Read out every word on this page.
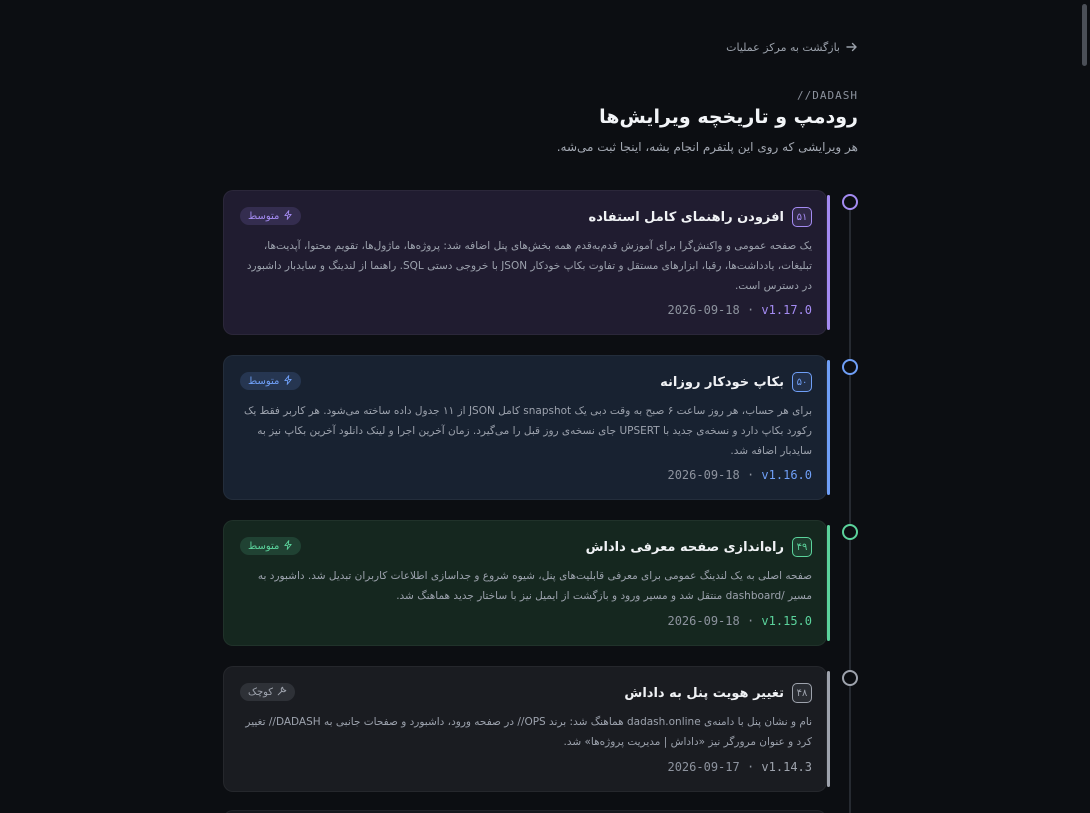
بازگشت به مرکز عملیات
//DADASH
رودمپ و تاریخچه ویرایش‌ها
هر ویرایشی که روی این پلتفرم انجام بشه، اینجا ثبت می‌شه.
۵۱
افزودن راهنمای کامل استفاده
متوسط

یک صفحه عمومی و واکنش‌گرا برای آموزش قدم‌به‌قدم همه بخش‌های پنل اضافه شد: پروژه‌ها، ماژول‌ها، تقویم محتوا، آپدیت‌ها، تبلیغات، یادداشت‌ها، رقبا، ابزارهای مستقل و تفاوت بکاپ خودکار JSON با خروجی دستی SQL. راهنما از لندینگ و سایدبار داشبورد در دسترس است.

2026-09-18 · v1.17.0
۵۰
بکاپ خودکار روزانه
متوسط

برای هر حساب، هر روز ساعت ۶ صبح به وقت دبی یک snapshot کامل JSON از ۱۱ جدول داده ساخته می‌شود. هر کاربر فقط یک رکورد بکاپ دارد و نسخه‌ی جدید با UPSERT جای نسخه‌ی روز قبل را می‌گیرد. زمان آخرین اجرا و لینک دانلود آخرین بکاپ نیز به سایدبار اضافه شد.

2026-09-18 · v1.16.0
۴۹
راه‌اندازی صفحه معرفی داداش
متوسط

صفحه اصلی به یک لندینگ عمومی برای معرفی قابلیت‌های پنل، شیوه شروع و جداسازی اطلاعات کاربران تبدیل شد. داشبورد به مسیر /dashboard منتقل شد و مسیر ورود و بازگشت از ایمیل نیز با ساختار جدید هماهنگ شد.

2026-09-18 · v1.15.0
۴۸
تغییر هویت پنل به داداش
کوچک

نام و نشان پنل با دامنه‌ی dadash.online هماهنگ شد: برند OPS// در صفحه ورود، داشبورد و صفحات جانبی به DADASH// تغییر کرد و عنوان مرورگر نیز «داداش | مدیریت پروژه‌ها» شد.

2026-09-17 · v1.14.3
